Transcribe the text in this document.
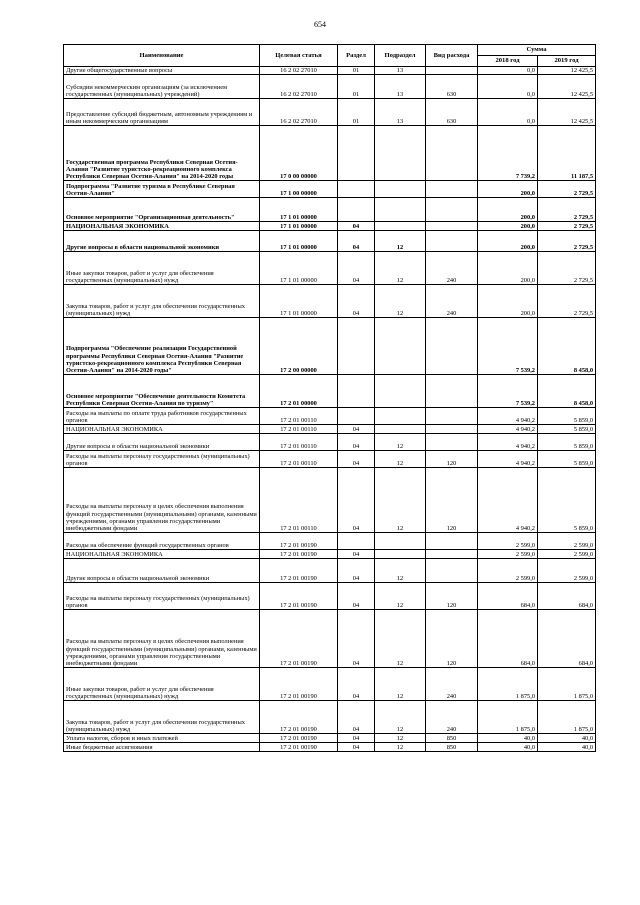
654
Наименование	Целевая статья	Раздел	Подраздел	Вид расхода	Сумма	
					2018 год	2019 год
Другие общегосударственные вопросы	16 2 02 27010	01	13		0,0	12 425,5
Субсидии некоммерческим организациям (за исключением государственных (муниципальных) учреждений)	16 2 02 27010	01	13	630	0,0	12 425,5
Предоставление субсидий бюджетным, автономным учреждениям и иным некоммерческим организациям	16 2 02 27010	01	13	630	0,0	12 425,5
Государственная программа Республики Северная Осетия-Алания "Развитие туристско-рекреационного комплекса Республики Северная Осетия-Алания" на 2014-2020 годы	17 0 00 00000				7 739,2	11 187,5
Подпрограмма "Развитие туризма в Республике Северная Осетия-Алания"	17 1 00 00000				200,0	2 729,5
Основное мероприятие "Организационная деятельность"	17 1 01 00000				200,0	2 729,5
НАЦИОНАЛЬНАЯ ЭКОНОМИКА	17 1 01 00000	04			200,0	2 729,5
Другие вопросы в области национальной экономики	17 1 01 00000	04	12		200,0	2 729,5
Иные закупки товаров, работ и услуг для обеспечения государственных (муниципальных) нужд	17 1 01 00000	04	12	240	200,0	2 729,5
Закупка товаров, работ и услуг для обеспечения государственных (муниципальных) нужд	17 1 01 00000	04	12	240	200,0	2 729,5
Подпрограмма "Обеспечение реализации Государственной программы Республики Северная Осетия-Алания "Развитие туристско-рекреационного комплекса Республики Северная Осетия-Алания" на 2014-2020 годы"	17 2 00 00000				7 539,2	8 458,0
Основное мероприятие "Обеспечение деятельности Комитета Республики Северная Осетия-Алания по туризму"	17 2 01 00000				7 539,2	8 458,0
Расходы на выплаты по оплате труда работников государственных органов	17 2 01 00110				4 940,2	5 859,0
НАЦИОНАЛЬНАЯ ЭКОНОМИКА	17 2 01 00110	04			4 940,2	5 859,0
Другие вопросы в области национальной экономики	17 2 01 00110	04	12		4 940,2	5 859,0
Расходы на выплаты персоналу государственных (муниципальных) органов	17 2 01 00110	04	12	120	4 940,2	5 859,0
Расходы на выплаты персоналу в целях обеспечения выполнения функций государственными (муниципальными) органами, казенными учреждениями, органами управления государственными внебюджетными фондами	17 2 01 00110	04	12	120	4 940,2	5 859,0
Расходы на обеспечение функций государственных органов	17 2 01 00190				2 599,0	2 599,0
НАЦИОНАЛЬНАЯ ЭКОНОМИКА	17 2 01 00190	04			2 599,0	2 599,0
Другие вопросы в области национальной экономики	17 2 01 00190	04	12		2 599,0	2 599,0
Расходы на выплаты персоналу государственных (муниципальных) органов	17 2 01 00190	04	12	120	684,0	684,0
Расходы на выплаты персоналу в целях обеспечения выполнения функций государственными (муниципальными) органами, казенными учреждениями, органами управления государственными внебюджетными фондами	17 2 01 00190	04	12	120	684,0	684,0
Иные закупки товаров, работ и услуг для обеспечения государственных (муниципальных) нужд	17 2 01 00190	04	12	240	1 875,0	1 875,0
Закупка товаров, работ и услуг для обеспечения государственных (муниципальных) нужд	17 2 01 00190	04	12	240	1 875,0	1 875,0
Уплата налогов, сборов и иных платежей	17 2 01 00190	04	12	850	40,0	40,0
Иные бюджетные ассигнования	17 2 01 00190	04	12	850	40,0	40,0
